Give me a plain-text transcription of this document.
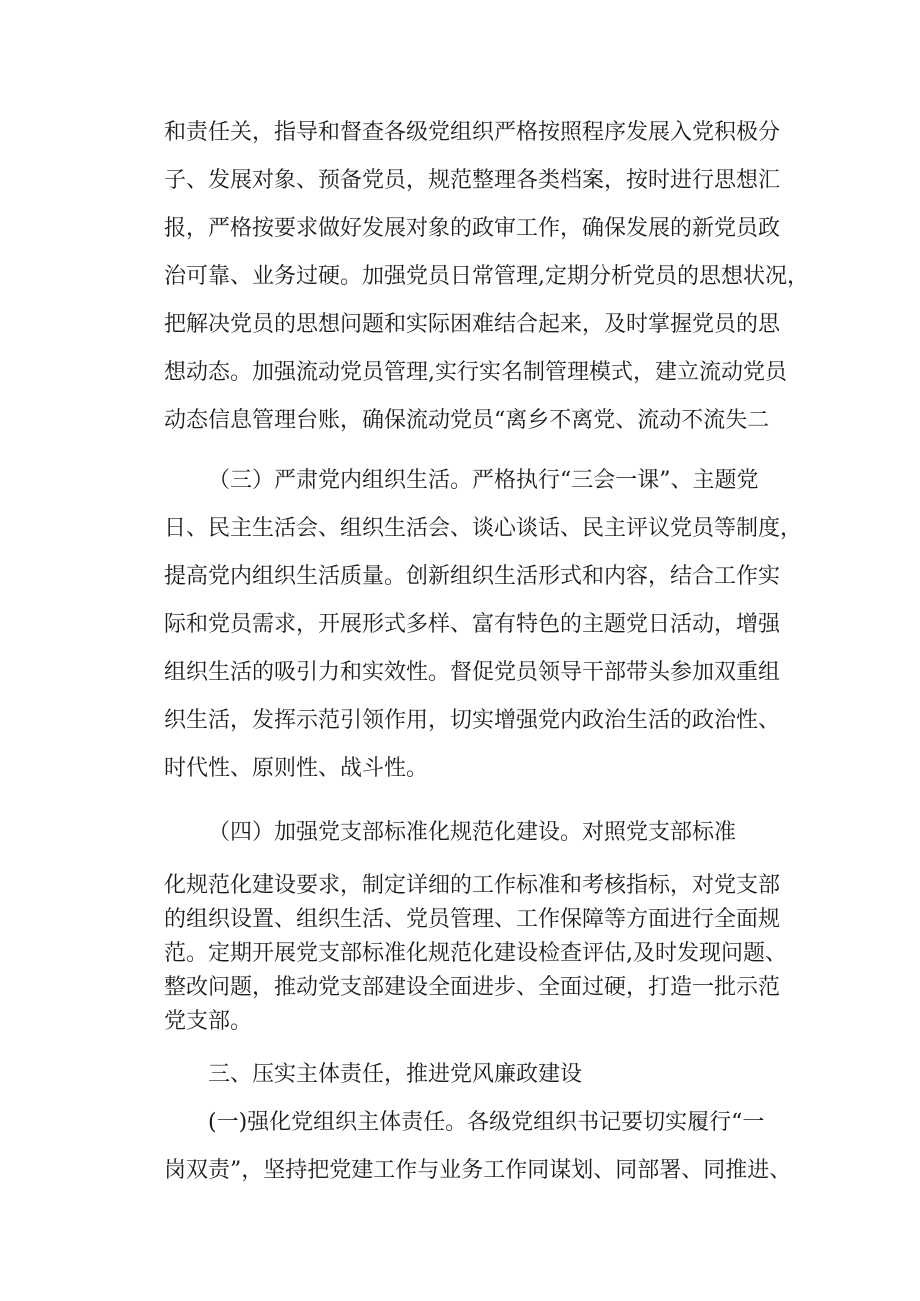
和责任关，指导和督查各级党组织严格按照程序发展入党积极分
子、发展对象、预备党员，规范整理各类档案，按时进行思想汇
报，严格按要求做好发展对象的政审工作，确保发展的新党员政
治可靠、业务过硬。加强党员日常管理,定期分析党员的思想状况，
把解决党员的思想问题和实际困难结合起来，及时掌握党员的思
想动态。加强流动党员管理,实行实名制管理模式，建立流动党员
动态信息管理台账，确保流动党员“离乡不离党、流动不流失二
（三）严肃党内组织生活。严格执行“三会一课”、主题党
日、民主生活会、组织生活会、谈心谈话、民主评议党员等制度，
提高党内组织生活质量。创新组织生活形式和内容，结合工作实
际和党员需求，开展形式多样、富有特色的主题党日活动，增强
组织生活的吸引力和实效性。督促党员领导干部带头参加双重组
织生活，发挥示范引领作用，切实增强党内政治生活的政治性、
时代性、原则性、战斗性。
（四）加强党支部标准化规范化建设。对照党支部标准
化规范化建设要求，制定详细的工作标准和考核指标，对党支部
的组织设置、组织生活、党员管理、工作保障等方面进行全面规
范。定期开展党支部标准化规范化建设检查评估,及时发现问题、
整改问题，推动党支部建设全面进步、全面过硬，打造一批示范
党支部。
三、压实主体责任，推进党风廉政建设
(一)强化党组织主体责任。各级党组织书记要切实履行“一
岗双责”，坚持把党建工作与业务工作同谋划、同部署、同推进、
